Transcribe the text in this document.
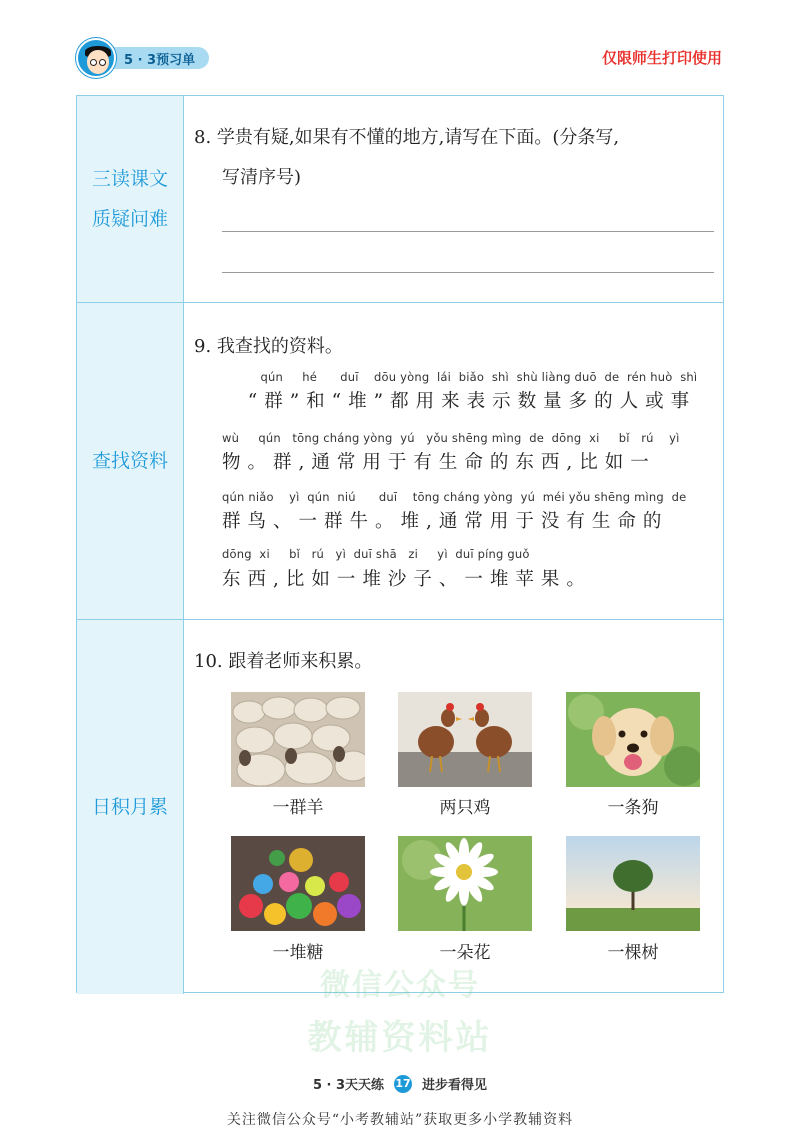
5 · 3预习单	仅限师生打印使用
三读课文
质疑问难
8. 学贵有疑,如果有不懂的地方,请写在下面。(分条写,
写清序号)
查找资料
9. 我查找的资料。
qún     hé      duī    dōu yòng  lái  biǎo  shì  shù liàng duō  de  rén huò  shì
“群”和“堆”都用来表示数量多的人或事
wù     qún   tōng cháng yòng  yú   yǒu shēng mìng  de  dōng  xi     bǐ   rú    yì
物。群,通常用于有生命的东西,比如一
qún niǎo    yì  qún  niú      duī    tōng cháng yòng  yú  méi yǒu shēng mìng  de
群鸟、一群牛。堆,通常用于没有生命的
dōng  xi     bǐ   rú   yì  duī shā   zi     yì  duī píng guǒ
东西,比如一堆沙子、一堆苹果。
日积月累
10. 跟着老师来积累。
一群羊	两只鸡	一条狗
一堆糖	一朵花	一棵树
微信公众号
教辅资料站
5 · 3天天练 17 进步看得见
关注微信公众号“小考教辅站”获取更多小学教辅资料
